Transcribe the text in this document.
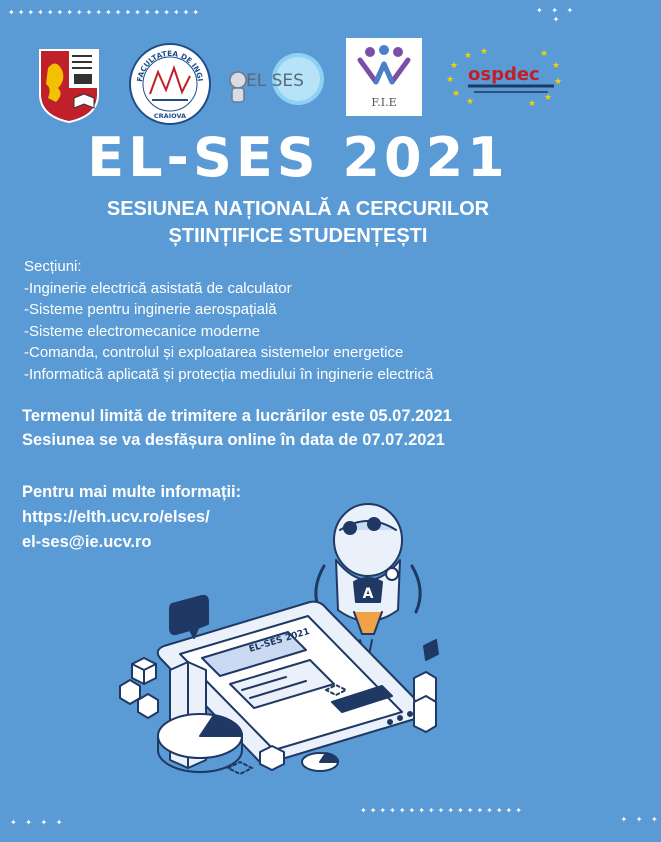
✦✦✦✦✦✦✦✦✦✦✦✦✦✦✦✦✦✦✦✦	✦ ✦ ✦
✦
✦ ✦ ✦ ✦
✦✦✦✦✦✦✦✦✦✦✦✦✦✦✦✦✦
✦ ✦ ✦
FACULTATEA DE INGI
CRAIOVA
EL SES
F.I.E
★
★
★
★
★ ★	★
★
★
★
★
ospdec
EL-SES 2021
SESIUNEA NAȚIONALĂ A CERCURILOR
ȘTIINȚIFICE STUDENȚEȘTI
Secțiuni:
-Inginerie electrică asistată de calculator
-Sisteme pentru inginerie aerospațială
-Sisteme electromecanice moderne
-Comanda, controlul și exploatarea sistemelor energetice
-Informatică aplicată și protecția mediului în inginerie electrică
Termenul limită de trimitere a lucrărilor este 05.07.2021
Sesiunea se va desfășura online în data de 07.07.2021
Pentru mai multe informații:
https://elth.ucv.ro/elses/
el-ses@ie.ucv.ro
A
EL-SES 2021
